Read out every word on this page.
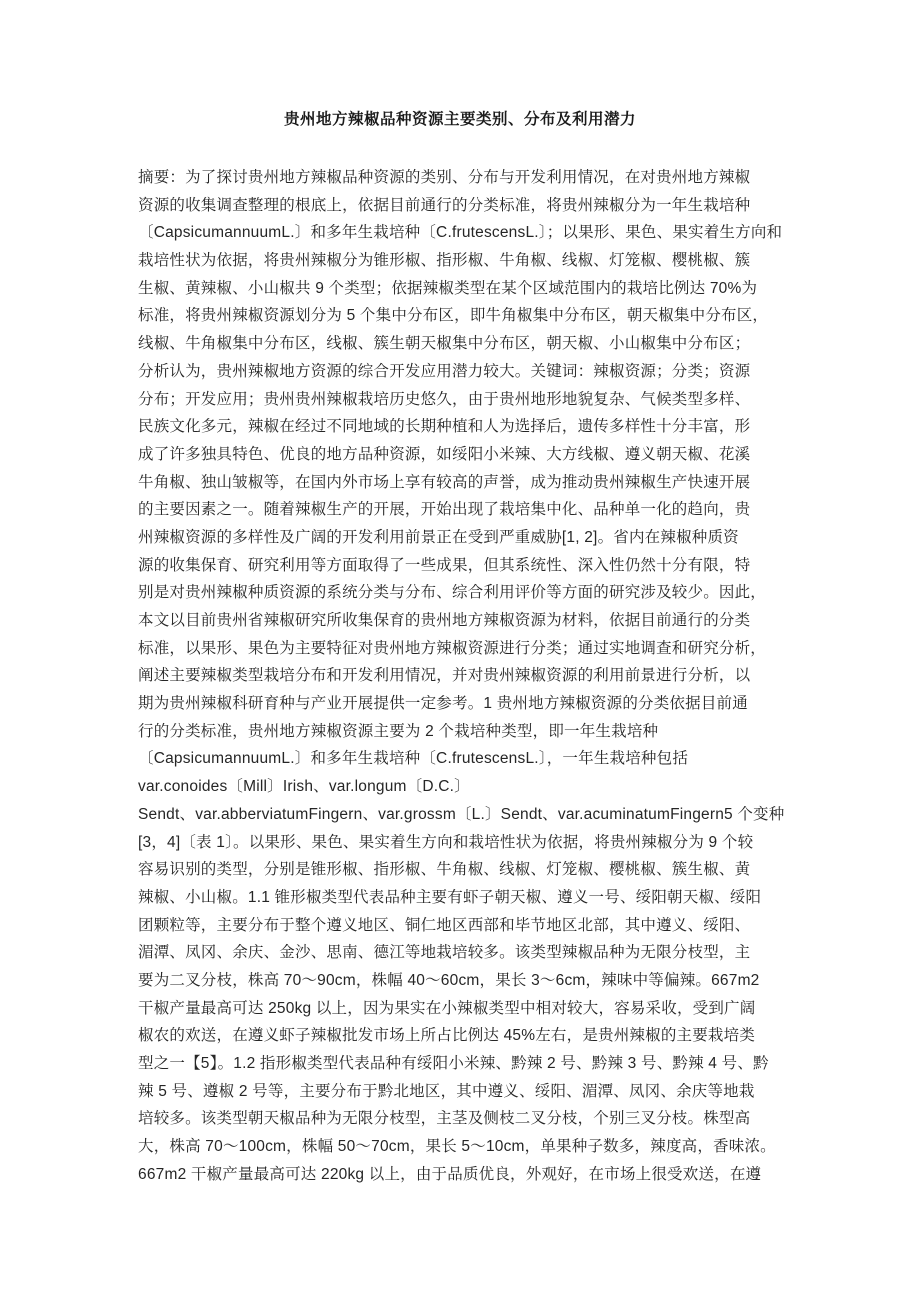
贵州地方辣椒品种资源主要类别、分布及利用潜力
摘要：为了探讨贵州地方辣椒品种资源的类别、分布与开发利用情况，在对贵州地方辣椒
资源的收集调查整理的根底上，依据目前通行的分类标准，将贵州辣椒分为一年生栽培种
〔CapsicumannuumL.〕和多年生栽培种〔C.frutescensL.〕；以果形、果色、果实着生方向和
栽培性状为依据，将贵州辣椒分为锥形椒、指形椒、牛角椒、线椒、灯笼椒、樱桃椒、簇
生椒、黄辣椒、小山椒共 9 个类型；依据辣椒类型在某个区域范围内的栽培比例达 70%为
标准，将贵州辣椒资源划分为 5 个集中分布区，即牛角椒集中分布区，朝天椒集中分布区，
线椒、牛角椒集中分布区，线椒、簇生朝天椒集中分布区，朝天椒、小山椒集中分布区；
分析认为，贵州辣椒地方资源的综合开发应用潜力较大。关键词：辣椒资源；分类；资源
分布；开发应用；贵州贵州辣椒栽培历史悠久，由于贵州地形地貌复杂、气候类型多样、
民族文化多元，辣椒在经过不同地域的长期种植和人为选择后，遗传多样性十分丰富，形
成了许多独具特色、优良的地方品种资源，如绥阳小米辣、大方线椒、遵义朝天椒、花溪
牛角椒、独山皱椒等，在国内外市场上享有较高的声誉，成为推动贵州辣椒生产快速开展
的主要因素之一。随着辣椒生产的开展，开始出现了栽培集中化、品种单一化的趋向，贵
州辣椒资源的多样性及广阔的开发利用前景正在受到严重威胁[1, 2]。省内在辣椒种质资
源的收集保育、研究利用等方面取得了一些成果，但其系统性、深入性仍然十分有限，特
别是对贵州辣椒种质资源的系统分类与分布、综合利用评价等方面的研究涉及较少。因此，
本文以目前贵州省辣椒研究所收集保育的贵州地方辣椒资源为材料，依据目前通行的分类
标准，以果形、果色为主要特征对贵州地方辣椒资源进行分类；通过实地调查和研究分析，
阐述主要辣椒类型栽培分布和开发利用情况，并对贵州辣椒资源的利用前景进行分析，以
期为贵州辣椒科研育种与产业开展提供一定参考。1 贵州地方辣椒资源的分类依据目前通
行的分类标准，贵州地方辣椒资源主要为 2 个栽培种类型，即一年生栽培种
〔CapsicumannuumL.〕和多年生栽培种〔C.frutescensL.〕，一年生栽培种包括
var.conoides〔Mill〕Irish、var.longum〔D.C.〕
Sendt、var.abberviatumFingern、var.grossm〔L.〕Sendt、var.acuminatumFingern5 个变种
[3，4]〔表 1〕。以果形、果色、果实着生方向和栽培性状为依据，将贵州辣椒分为 9 个较
容易识别的类型，分别是锥形椒、指形椒、牛角椒、线椒、灯笼椒、樱桃椒、簇生椒、黄
辣椒、小山椒。1.1 锥形椒类型代表品种主要有虾子朝天椒、遵义一号、绥阳朝天椒、绥阳
团颗粒等，主要分布于整个遵义地区、铜仁地区西部和毕节地区北部，其中遵义、绥阳、
湄潭、凤冈、余庆、金沙、思南、德江等地栽培较多。该类型辣椒品种为无限分枝型，主
要为二叉分枝，株高 70～90cm，株幅 40～60cm，果长 3～6cm，辣味中等偏辣。667m2
干椒产量最高可达 250kg 以上，因为果实在小辣椒类型中相对较大，容易采收，受到广阔
椒农的欢送，在遵义虾子辣椒批发市场上所占比例达 45%左右，是贵州辣椒的主要栽培类
型之一【5】。1.2 指形椒类型代表品种有绥阳小米辣、黔辣 2 号、黔辣 3 号、黔辣 4 号、黔
辣 5 号、遵椒 2 号等，主要分布于黔北地区，其中遵义、绥阳、湄潭、凤冈、余庆等地栽
培较多。该类型朝天椒品种为无限分枝型，主茎及侧枝二叉分枝，个别三叉分枝。株型高
大，株高 70～100cm，株幅 50～70cm，果长 5～10cm，单果种子数多，辣度高，香味浓。
667m2 干椒产量最高可达 220kg 以上，由于品质优良，外观好，在市场上很受欢送，在遵
